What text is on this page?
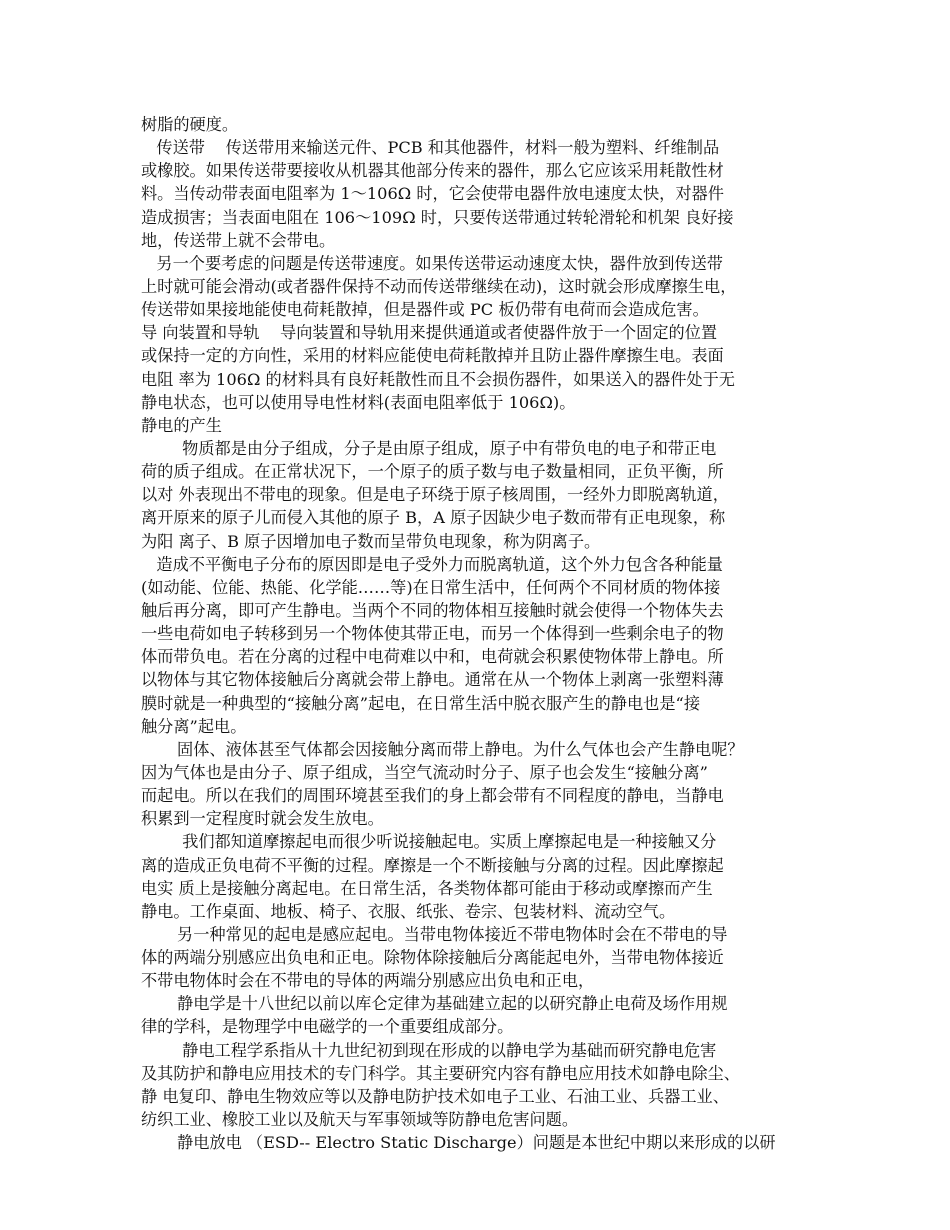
树脂的硬度。
传送带    传送带用来输送元件、PCB 和其他器件，材料一般为塑料、纤维制品
或橡胶。如果传送带要接收从机器其他部分传来的器件，那么它应该采用耗散性材
料。当传动带表面电阻率为 1～106Ω 时，它会使带电器件放电速度太快，对器件
造成损害；当表面电阻在 106～109Ω 时，只要传送带通过转轮滑轮和机架 良好接
地，传送带上就不会带电。
另一个要考虑的问题是传送带速度。如果传送带运动速度太快，器件放到传送带
上时就可能会滑动(或者器件保持不动而传送带继续在动)，这时就会形成摩擦生电，
传送带如果接地能使电荷耗散掉，但是器件或 PC 板仍带有电荷而会造成危害。
导 向装置和导轨    导向装置和导轨用来提供通道或者使器件放于一个固定的位置
或保持一定的方向性，采用的材料应能使电荷耗散掉并且防止器件摩擦生电。表面
电阻 率为 106Ω 的材料具有良好耗散性而且不会损伤器件，如果送入的器件处于无
静电状态，也可以使用导电性材料(表面电阻率低于 106Ω)。
静电的产生
物质都是由分子组成，分子是由原子组成，原子中有带负电的电子和带正电
荷的质子组成。在正常状况下，一个原子的质子数与电子数量相同，正负平衡，所
以对 外表现出不带电的现象。但是电子环绕于原子核周围，一经外力即脱离轨道，
离开原来的原子儿而侵入其他的原子 B，A 原子因缺少电子数而带有正电现象，称
为阳 离子、B 原子因增加电子数而呈带负电现象，称为阴离子。
造成不平衡电子分布的原因即是电子受外力而脱离轨道，这个外力包含各种能量
(如动能、位能、热能、化学能……等)在日常生活中，任何两个不同材质的物体接
触后再分离，即可产生静电。当两个不同的物体相互接触时就会使得一个物体失去
一些电荷如电子转移到另一个物体使其带正电，而另一个体得到一些剩余电子的物
体而带负电。若在分离的过程中电荷难以中和，电荷就会积累使物体带上静电。所
以物体与其它物体接触后分离就会带上静电。通常在从一个物体上剥离一张塑料薄
膜时就是一种典型的“接触分离”起电，在日常生活中脱衣服产生的静电也是“接
触分离”起电。
固体、液体甚至气体都会因接触分离而带上静电。为什么气体也会产生静电呢？
因为气体也是由分子、原子组成，当空气流动时分子、原子也会发生“接触分离”
而起电。所以在我们的周围环境甚至我们的身上都会带有不同程度的静电，当静电
积累到一定程度时就会发生放电。
我们都知道摩擦起电而很少听说接触起电。实质上摩擦起电是一种接触又分
离的造成正负电荷不平衡的过程。摩擦是一个不断接触与分离的过程。因此摩擦起
电实 质上是接触分离起电。在日常生活，各类物体都可能由于移动或摩擦而产生
静电。工作桌面、地板、椅子、衣服、纸张、卷宗、包装材料、流动空气。
另一种常见的起电是感应起电。当带电物体接近不带电物体时会在不带电的导
体的两端分别感应出负电和正电。除物体除接触后分离能起电外，当带电物体接近
不带电物体时会在不带电的导体的两端分别感应出负电和正电，
静电学是十八世纪以前以库仑定律为基础建立起的以研究静止电荷及场作用规
律的学科，是物理学中电磁学的一个重要组成部分。
静电工程学系指从十九世纪初到现在形成的以静电学为基础而研究静电危害
及其防护和静电应用技术的专门科学。其主要研究内容有静电应用技术如静电除尘、
静 电复印、静电生物效应等以及静电防护技术如电子工业、石油工业、兵器工业、
纺织工业、橡胶工业以及航天与军事领域等防静电危害问题。
静电放电 （ESD-- Electro Static Discharge）问题是本世纪中期以来形成的以研
